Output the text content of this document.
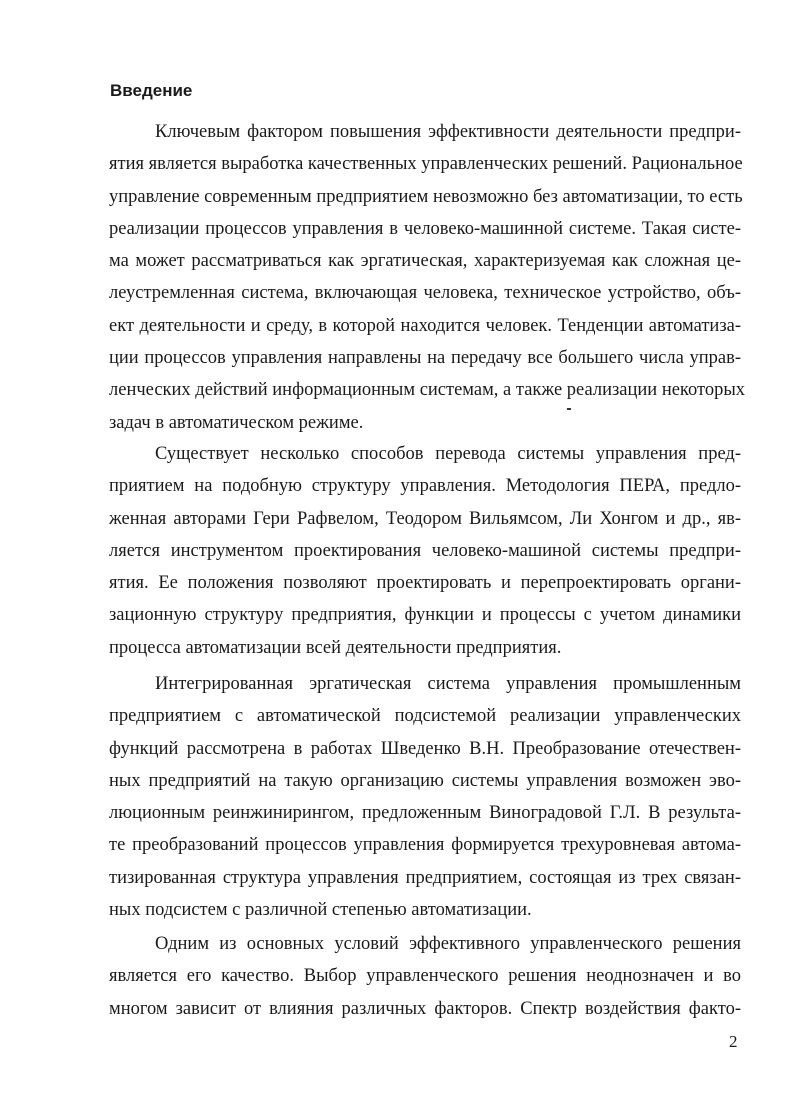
Введение
Ключевым фактором повышения эффективности деятельности предпри-
ятия является выработка качественных управленческих решений. Рациональное
управление современным предприятием невозможно без автоматизации, то есть
реализации процессов управления в человеко-машинной системе. Такая систе-
ма может рассматриваться как эргатическая, характеризуемая как сложная це-
леустремленная система, включающая человека, техническое устройство, объ-
ект деятельности и среду, в которой находится человек. Тенденции автоматиза-
ции процессов управления направлены на передачу все большего числа управ-
ленческих действий информационным системам, а также реализации некоторых
задач в автоматическом режиме.
Существует несколько способов перевода системы управления пред-
приятием на подобную структуру управления. Методология ПЕРА, предло-
женная авторами Гери Рафвелом, Теодором Вильямсом, Ли Хонгом и др., яв-
ляется инструментом проектирования человеко-машиной системы предпри-
ятия. Ее положения позволяют проектировать и перепроектировать органи-
зационную структуру предприятия, функции и процессы с учетом динамики
процесса автоматизации всей деятельности предприятия.
Интегрированная эргатическая система управления промышленным
предприятием с автоматической подсистемой реализации управленческих
функций рассмотрена в работах Шведенко В.Н. Преобразование отечествен-
ных предприятий на такую организацию системы управления возможен эво-
люционным реинжинирингом, предложенным Виноградовой Г.Л. В результа-
те преобразований процессов управления формируется трехуровневая автома-
тизированная структура управления предприятием, состоящая из трех связан-
ных подсистем с различной степенью автоматизации.
Одним из основных условий эффективного управленческого решения
является его качество. Выбор управленческого решения неоднозначен и во
многом зависит от влияния различных факторов. Спектр воздействия факто-
2
